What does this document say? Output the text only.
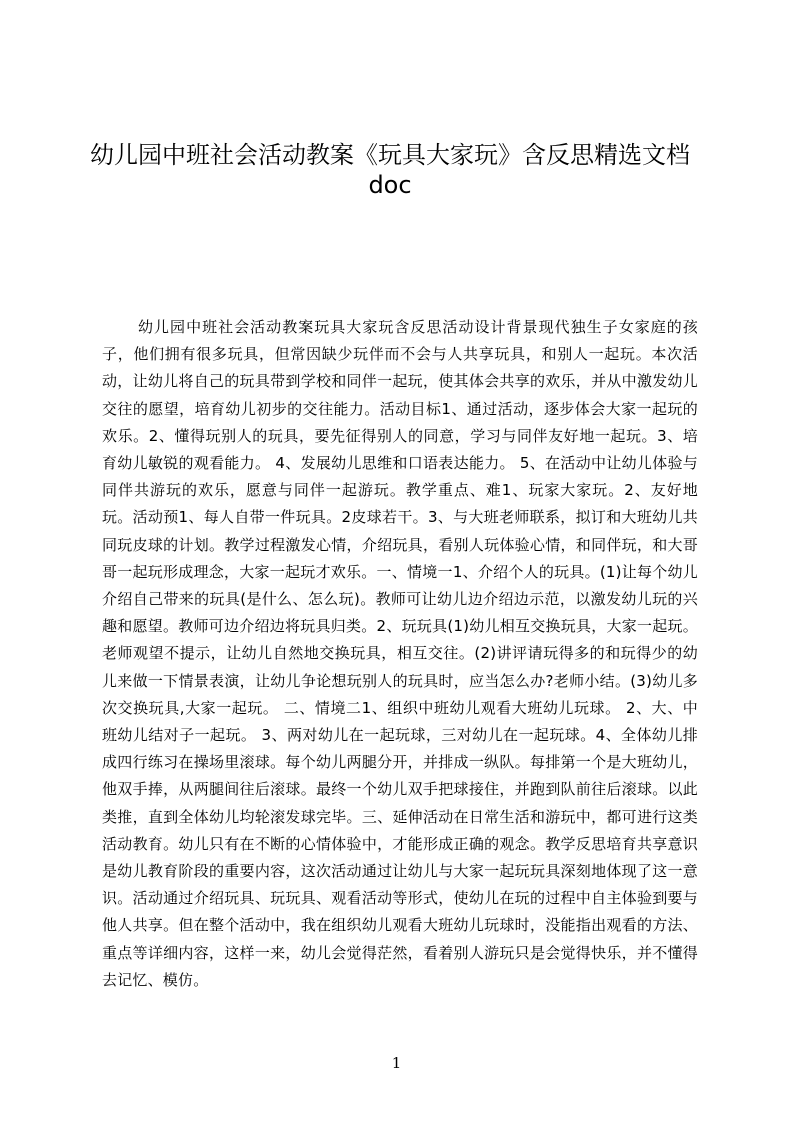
幼儿园中班社会活动教案《玩具大家玩》含反思精选文档
doc

幼儿园中班社会活动教案玩具大家玩含反思活动设计背景现代独生子女家庭的孩子，他们拥有很多玩具，但常因缺少玩伴而不会与人共享玩具，和别人一起玩。本次活动，让幼儿将自己的玩具带到学校和同伴一起玩，使其体会共享的欢乐，并从中激发幼儿交往的愿望，培育幼儿初步的交往能力。活动目标1、通过活动，逐步体会大家一起玩的欢乐。2、懂得玩别人的玩具，要先征得别人的同意，学习与同伴友好地一起玩。3、培育幼儿敏锐的观看能力。 4、发展幼儿思维和口语表达能力。 5、在活动中让幼儿体验与同伴共游玩的欢乐，愿意与同伴一起游玩。教学重点、难1、玩家大家玩。2、友好地玩。活动预1、每人自带一件玩具。2皮球若干。3、与大班老师联系，拟订和大班幼儿共同玩皮球的计划。教学过程激发心情，介绍玩具，看别人玩体验心情，和同伴玩，和大哥哥一起玩形成理念，大家一起玩才欢乐。一、情境一1、介绍个人的玩具。(1)让每个幼儿介绍自己带来的玩具(是什么、怎么玩)。教师可让幼儿边介绍边示范，以激发幼儿玩的兴趣和愿望。教师可边介绍边将玩具归类。2、玩玩具(1)幼儿相互交换玩具，大家一起玩。老师观望不提示，让幼儿自然地交换玩具，相互交往。(2)讲评请玩得多的和玩得少的幼儿来做一下情景表演，让幼儿争论想玩别人的玩具时，应当怎么办?老师小结。(3)幼儿多次交换玩具,大家一起玩。 二、情境二1、组织中班幼儿观看大班幼儿玩球。 2、大、中班幼儿结对子一起玩。 3、两对幼儿在一起玩球，三对幼儿在一起玩球。4、全体幼儿排成四行练习在操场里滚球。每个幼儿两腿分开，并排成一纵队。每排第一个是大班幼儿，他双手捧，从两腿间往后滚球。最终一个幼儿双手把球接住，并跑到队前往后滚球。以此类推，直到全体幼儿均轮滚发球完毕。三、延伸活动在日常生活和游玩中，都可进行这类活动教育。幼儿只有在不断的心情体验中，才能形成正确的观念。教学反思培育共享意识是幼儿教育阶段的重要内容，这次活动通过让幼儿与大家一起玩玩具深刻地体现了这一意识。活动通过介绍玩具、玩玩具、观看活动等形式，使幼儿在玩的过程中自主体验到要与他人共享。但在整个活动中，我在组织幼儿观看大班幼儿玩球时，没能指出观看的方法、重点等详细内容，这样一来，幼儿会觉得茫然，看着别人游玩只是会觉得快乐，并不懂得去记忆、模仿。

1
